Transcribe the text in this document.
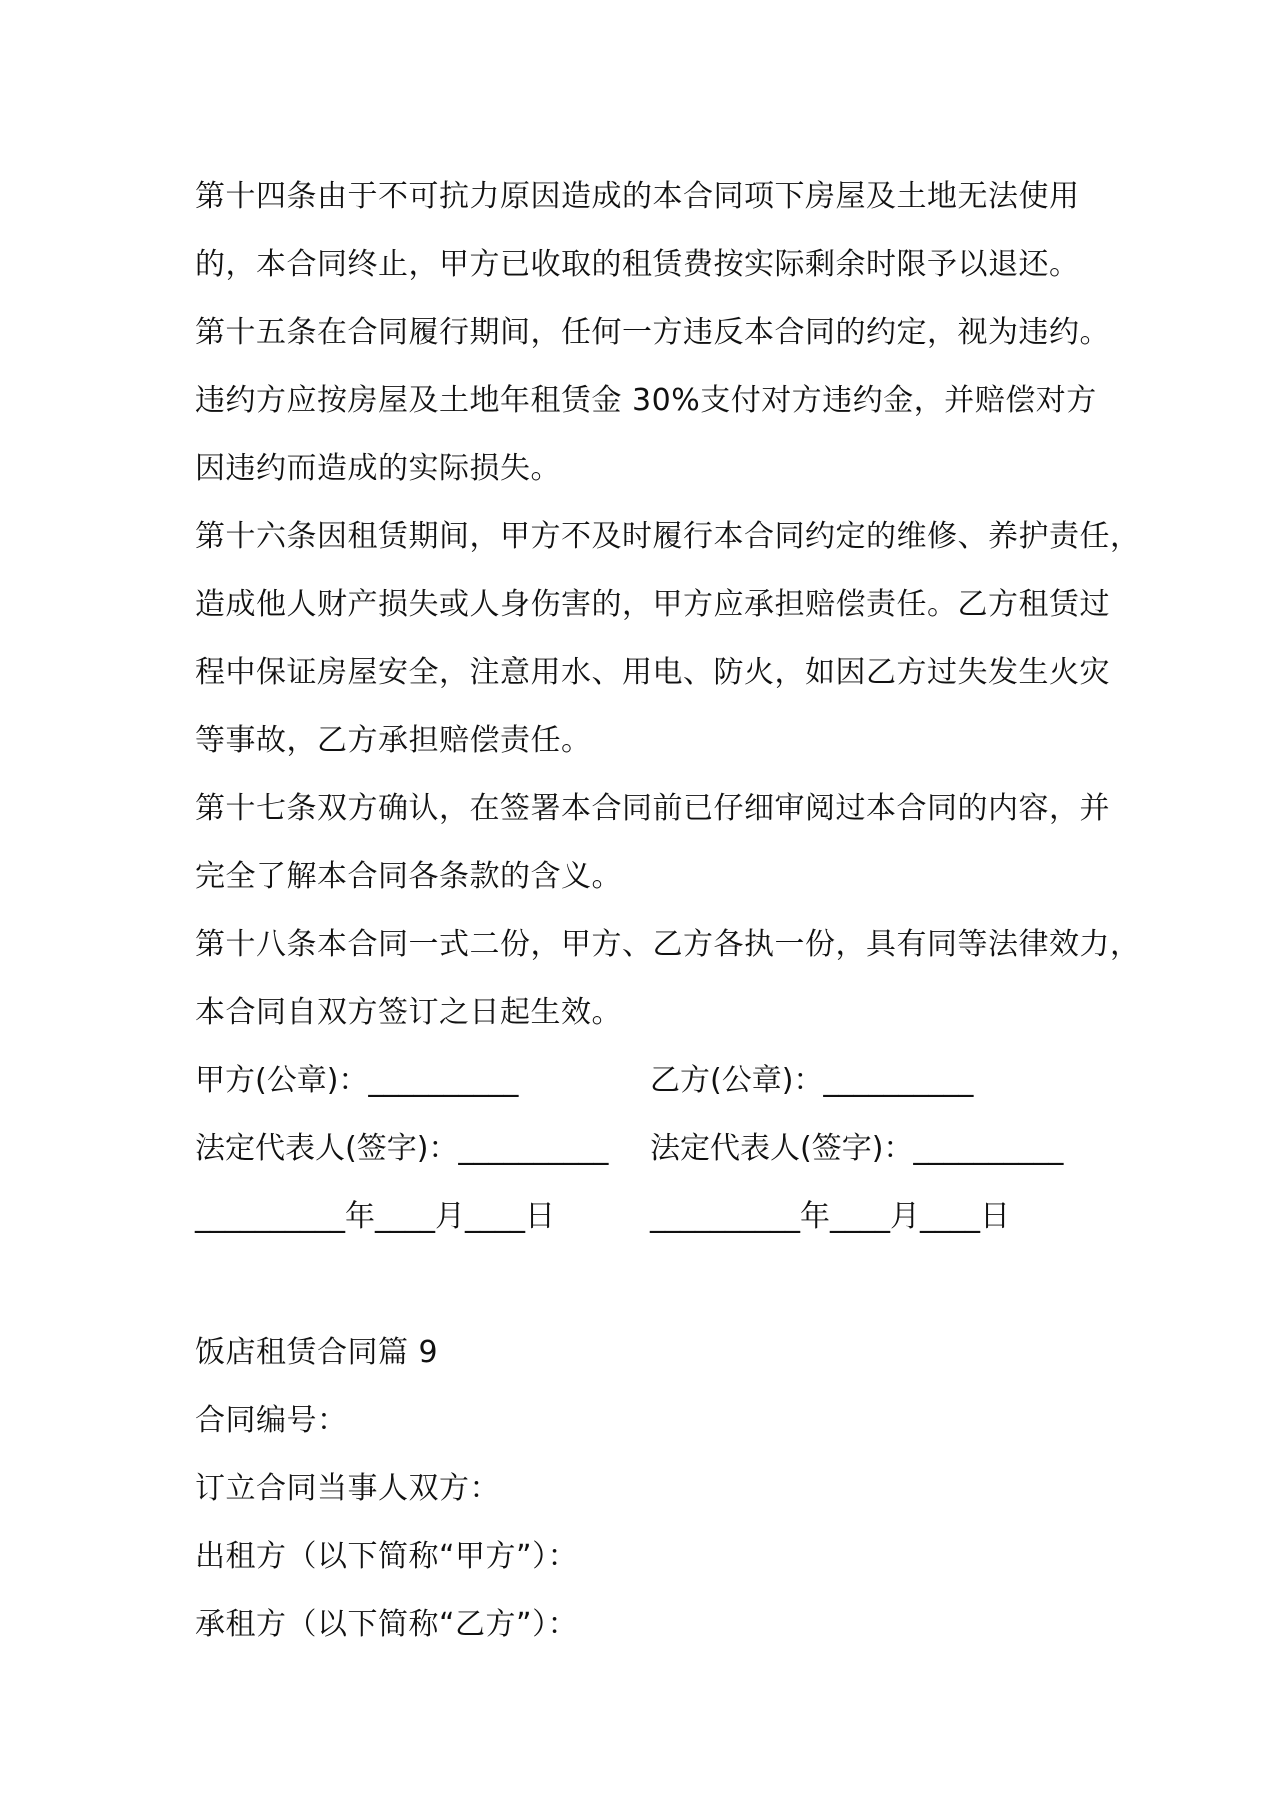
第十四条由于不可抗力原因造成的本合同项下房屋及土地无法使用
的，本合同终止，甲方已收取的租赁费按实际剩余时限予以退还。
第十五条在合同履行期间，任何一方违反本合同的约定，视为违约。
违约方应按房屋及土地年租赁金 30%支付对方违约金，并赔偿对方
因违约而造成的实际损失。
第十六条因租赁期间，甲方不及时履行本合同约定的维修、养护责任，
造成他人财产损失或人身伤害的，甲方应承担赔偿责任。乙方租赁过
程中保证房屋安全，注意用水、用电、防火，如因乙方过失发生火灾
等事故，乙方承担赔偿责任。
第十七条双方确认，在签署本合同前已仔细审阅过本合同的内容，并
完全了解本合同各条款的含义。
第十八条本合同一式二份，甲方、乙方各执一份，具有同等法律效力，
本合同自双方签订之日起生效。
甲方(公章)：__________	乙方(公章)：__________
法定代表人(签字)：__________ 法定代表人(签字)：__________
__________年____月____日	__________年____月____日
饭店租赁合同篇 9
合同编号：
订立合同当事人双方：
出租方（以下简称“甲方”）：
承租方（以下简称“乙方”）：
